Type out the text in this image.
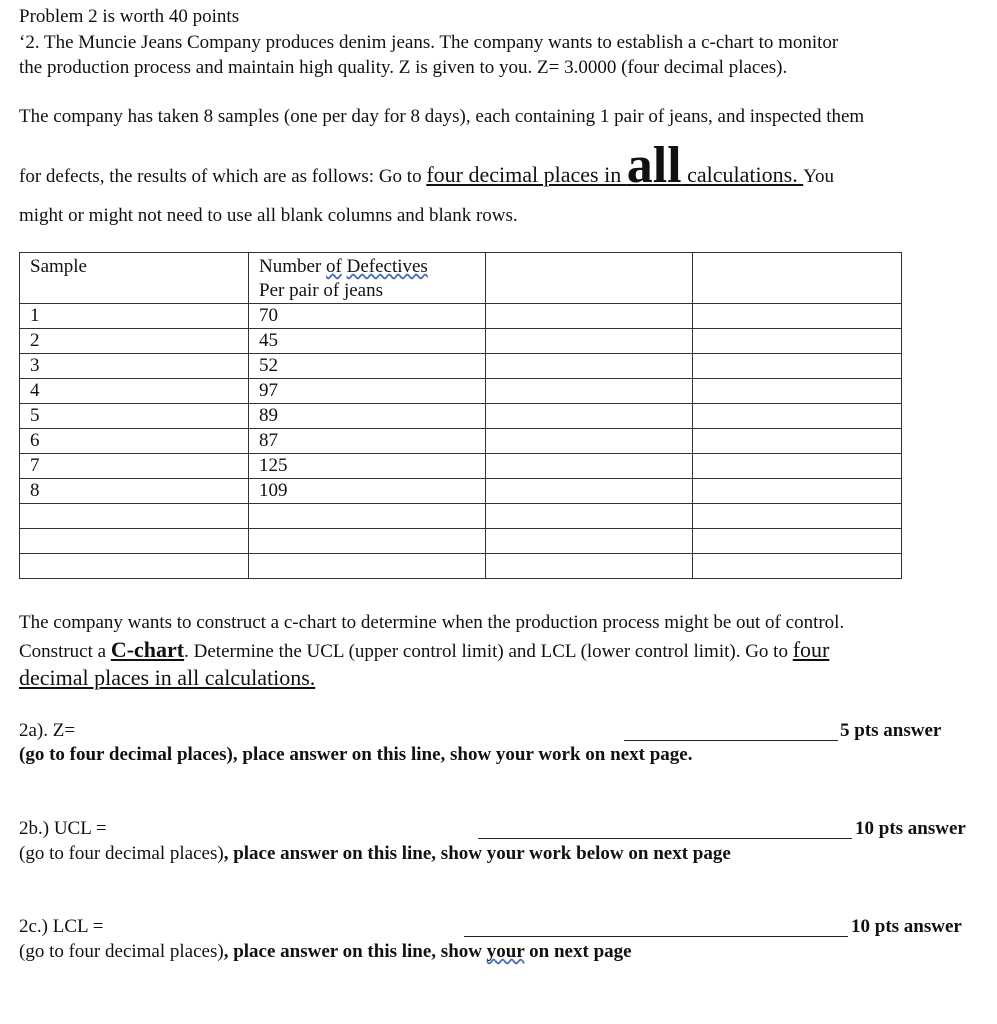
Problem 2 is worth 40 points
‘2. The Muncie Jeans Company produces denim jeans. The company wants to establish a c-chart to monitor
the production process and maintain high quality. Z is given to you. Z= 3.0000 (four decimal places).
The company has taken 8 samples (one per day for 8 days), each containing 1 pair of jeans, and inspected them
for defects, the results of which are as follows: Go to four decimal places in all calculations. You
might or might not need to use all blank columns and blank rows.
Sample	Number of Defectives
Per pair of jeans		
1	70		
2	45		
3	52		
4	97		
5	89		
6	87		
7	125		
8	109		

The company wants to construct a c-chart to determine when the production process might be out of control.
Construct a C-chart. Determine the UCL (upper control limit) and LCL (lower control limit). Go to four
decimal places in all calculations.
2a). Z=	5 pts answer
(go to four decimal places), place answer on this line, show your work on next page.
2b.) UCL =	10 pts answer
(go to four decimal places), place answer on this line, show your work below on next page
2c.) LCL =	10 pts answer
(go to four decimal places), place answer on this line, show your on next page
